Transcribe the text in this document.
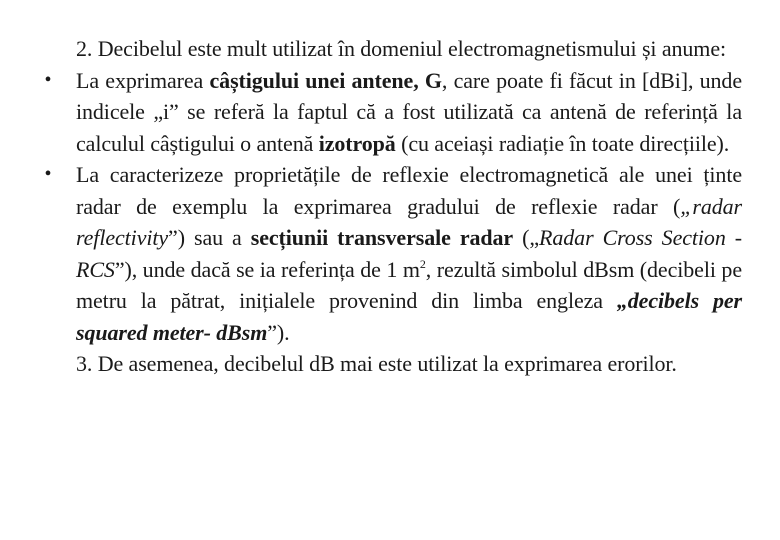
2. Decibelul este mult utilizat în domeniul electromagnetismului și anume:

• La exprimarea câștigului unei antene, G, care poate fi făcut in [dBi], unde indicele „i” se referă la faptul că a fost utilizată ca antenă de referință la calculul câștigului o antenă izotropă (cu aceiași radiație în toate direcțiile).
• La caracterizeze proprietățile de reflexie electromagnetică ale unei ținte radar de exemplu la exprimarea gradului de reflexie radar („radar reflectivity”) sau a secțiunii transversale radar („Radar Cross Section - RCS”), unde dacă se ia referința de 1 $m^2$, rezultă simbolul dBsm (decibeli pe metru la pătrat, inițialele provenind din limba engleza „decibels per squared meter- dBsm”).

3. De asemenea, decibelul dB mai este utilizat la exprimarea erorilor.
